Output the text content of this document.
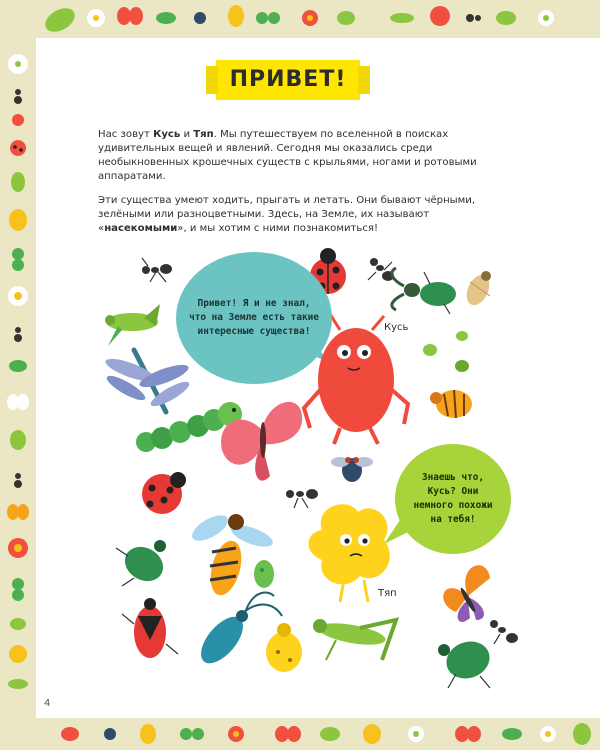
ПРИВЕТ!

Нас зовут Кусь и Тяп. Мы путешествуем по вселенной в поисках удивительных вещей и явлений. Сегодня мы оказались среди необыкновенных крошечных существ с крыльями, ногами и ротовыми аппаратами.

Эти существа умеют ходить, прыгать и летать. Они бывают чёрными, зелёными или разноцветными. Здесь, на Земле, их называют «насекомыми», и мы хотим с ними познакомиться!

Привет! Я и не знал,
что на Земле есть такие
интересные существа!
Знаешь что,
Кусь? Они
немного похожи
на тебя!
Кусь
Тяп
4
